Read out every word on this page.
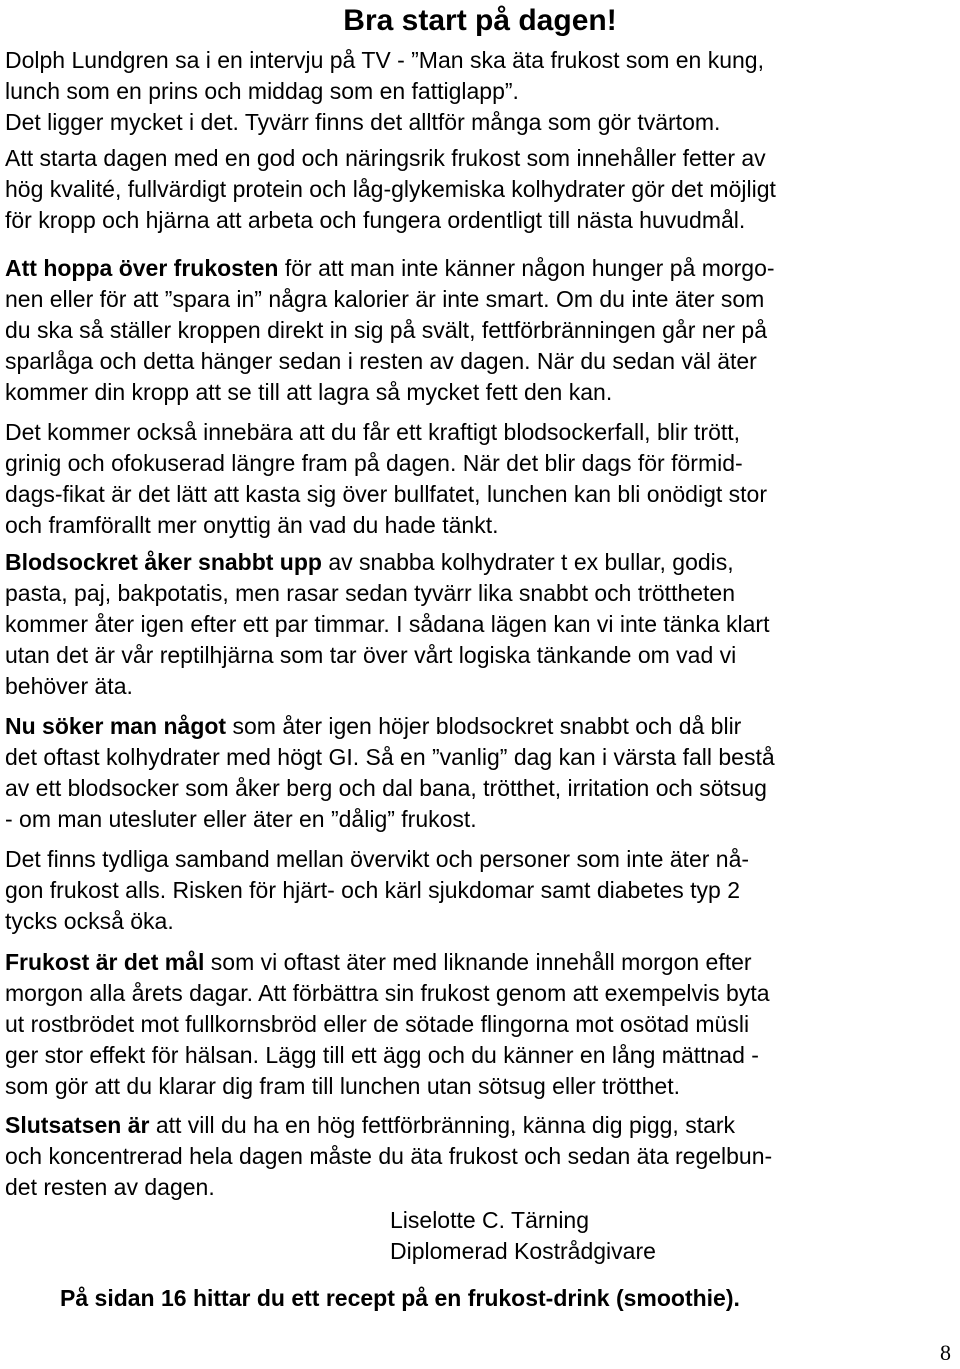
Bra start på dagen!
Dolph Lundgren sa i en intervju på TV - ”Man ska äta frukost som en kung,
lunch som en prins och middag som en fattiglapp”.
Det ligger mycket i det. Tyvärr finns det alltför många som gör tvärtom.
Att starta dagen med en god och näringsrik frukost som innehåller fetter av
hög kvalité, fullvärdigt protein och låg-glykemiska kolhydrater gör det möjligt
för kropp och hjärna att arbeta och fungera ordentligt till nästa huvudmål.
Att hoppa över frukosten för att man inte känner någon hunger på morgo-
nen eller för att ”spara in” några kalorier är inte smart. Om du inte äter som
du ska så ställer kroppen direkt in sig på svält, fettförbränningen går ner på
sparlåga och detta hänger sedan i resten av dagen. När du sedan väl äter
kommer din kropp att se till att lagra så mycket fett den kan.
Det kommer också innebära att du får ett kraftigt blodsockerfall, blir trött,
grinig och ofokuserad längre fram på dagen. När det blir dags för förmid-
dags-fikat är det lätt att kasta sig över bullfatet, lunchen kan bli onödigt stor
och framförallt mer onyttig än vad du hade tänkt.
Blodsockret åker snabbt upp av snabba kolhydrater t ex bullar, godis,
pasta, paj, bakpotatis, men rasar sedan tyvärr lika snabbt och tröttheten
kommer åter igen efter ett par timmar. I sådana lägen kan vi inte tänka klart
utan det är vår reptilhjärna som tar över vårt logiska tänkande om vad vi
behöver äta.
Nu söker man något som åter igen höjer blodsockret snabbt och då blir
det oftast kolhydrater med högt GI. Så en ”vanlig” dag kan i värsta fall bestå
av ett blodsocker som åker berg och dal bana, trötthet, irritation och sötsug
- om man utesluter eller äter en ”dålig” frukost.
Det finns tydliga samband mellan övervikt och personer som inte äter nå-
gon frukost alls. Risken för hjärt- och kärl sjukdomar samt diabetes typ 2
tycks också öka.
Frukost är det mål som vi oftast äter med liknande innehåll morgon efter
morgon alla årets dagar. Att förbättra sin frukost genom att exempelvis byta
ut rostbrödet mot fullkornsbröd eller de sötade flingorna mot osötad müsli
ger stor effekt för hälsan. Lägg till ett ägg och du känner en lång mättnad -
som gör att du klarar dig fram till lunchen utan sötsug eller trötthet.
Slutsatsen är att vill du ha en hög fettförbränning, känna dig pigg, stark
och koncentrerad hela dagen måste du äta frukost och sedan äta regelbun-
det resten av dagen.
Liselotte C. Tärning
Diplomerad Kostrådgivare
På sidan 16 hittar du ett recept på en frukost-drink (smoothie).
8
